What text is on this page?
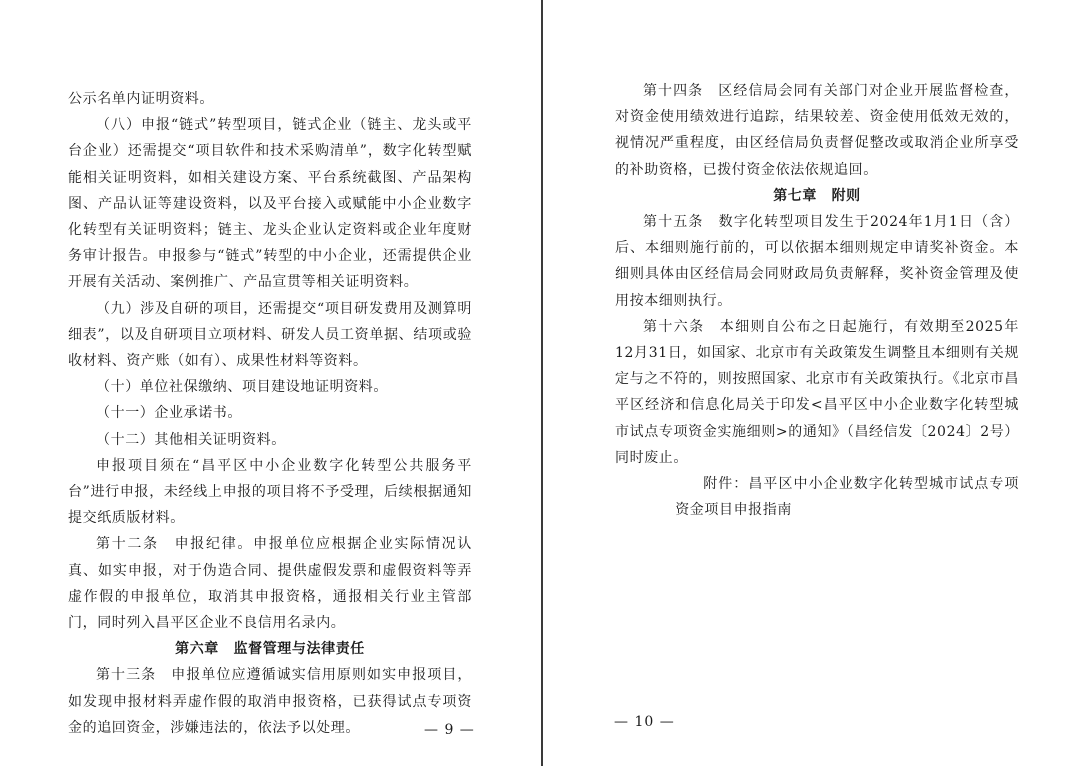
公示名单内证明资料。

（八）申报“链式”转型项目，链式企业（链主、龙头或平台企业）还需提交“项目软件和技术采购清单”，数字化转型赋能相关证明资料，如相关建设方案、平台系统截图、产品架构图、产品认证等建设资料，以及平台接入或赋能中小企业数字化转型有关证明资料；链主、龙头企业认定资料或企业年度财务审计报告。申报参与“链式”转型的中小企业，还需提供企业开展有关活动、案例推广、产品宣贯等相关证明资料。

（九）涉及自研的项目，还需提交“项目研发费用及测算明细表”，以及自研项目立项材料、研发人员工资单据、结项或验收材料、资产账（如有）、成果性材料等资料。

（十）单位社保缴纳、项目建设地证明资料。

（十一）企业承诺书。

（十二）其他相关证明资料。

申报项目须在“昌平区中小企业数字化转型公共服务平台”进行申报，未经线上申报的项目将不予受理，后续根据通知提交纸质版材料。

第十二条　申报纪律。申报单位应根据企业实际情况认真、如实申报，对于伪造合同、提供虚假发票和虚假资料等弄虚作假的申报单位，取消其申报资格，通报相关行业主管部门，同时列入昌平区企业不良信用名录内。

第六章　监督管理与法律责任

第十三条　申报单位应遵循诚实信用原则如实申报项目，如发现申报材料弄虚作假的取消申报资格，已获得试点专项资金的追回资金，涉嫌违法的，依法予以处理。	— 9 —

第十四条　区经信局会同有关部门对企业开展监督检查，对资金使用绩效进行追踪，结果较差、资金使用低效无效的，视情况严重程度，由区经信局负责督促整改或取消企业所享受的补助资格，已拨付资金依法依规追回。

第七章　附则

第十五条　数字化转型项目发生于2024年1月1日（含）后、本细则施行前的，可以依据本细则规定申请奖补资金。本细则具体由区经信局会同财政局负责解释，奖补资金管理及使用按本细则执行。

第十六条　本细则自公布之日起施行，有效期至2025年12月31日，如国家、北京市有关政策发生调整且本细则有关规定与之不符的，则按照国家、北京市有关政策执行。《北京市昌平区经济和信息化局关于印发<昌平区中小企业数字化转型城市试点专项资金实施细则>的通知》（昌经信发〔2024〕2号）同时废止。

附件：昌平区中小企业数字化转型城市试点专项资金项目申报指南

— 10 —
